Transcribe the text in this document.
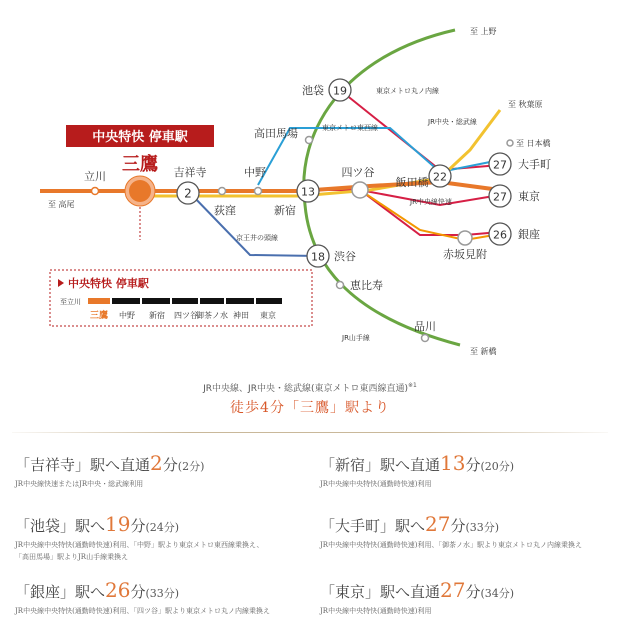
2	13
19
18
22
27
27
26
中央特快 停車駅
三鷹
立川	吉祥寺
荻窪
中野
新宿
四ツ谷
高田馬場
池袋
飯田橋
大手町
東京
銀座
赤坂見附
渋谷
恵比寿
品川
至 高尾
至 上野
至 秋葉原
至 日本橋
至 新橋
東京メトロ丸ノ内線
東京メトロ東西線
JR中央・総武線
JR中央線快速
京王井の頭線
JR山手線
中央特快 停車駅
至立川
三鷹 中野 新宿 四ツ谷
御茶ノ水 神田 東京
JR中央線、JR中央・総武線(東京メトロ東西線直通)$^{※1}$
徒歩4分「三鷹」駅より
「吉祥寺」駅へ直通2分(2分)
JR中央線快速またはJR中央・総武線利用
「新宿」駅へ直通13分(20分)
JR中央線中央特快(通勤時快速)利用
「池袋」駅へ19分(24分)
JR中央線中央特快(通勤時快速)利用、「中野」駅より東京メトロ東西線乗換え、
「高田馬場」駅よりJR山手線乗換え
「大手町」駅へ27分(33分)
JR中央線中央特快(通勤時快速)利用、「御茶ノ水」駅より東京メトロ丸ノ内線乗換え
「銀座」駅へ26分(33分)
JR中央線中央特快(通勤時快速)利用、「四ツ谷」駅より東京メトロ丸ノ内線乗換え
「東京」駅へ直通27分(34分)
JR中央線中央特快(通勤時快速)利用
